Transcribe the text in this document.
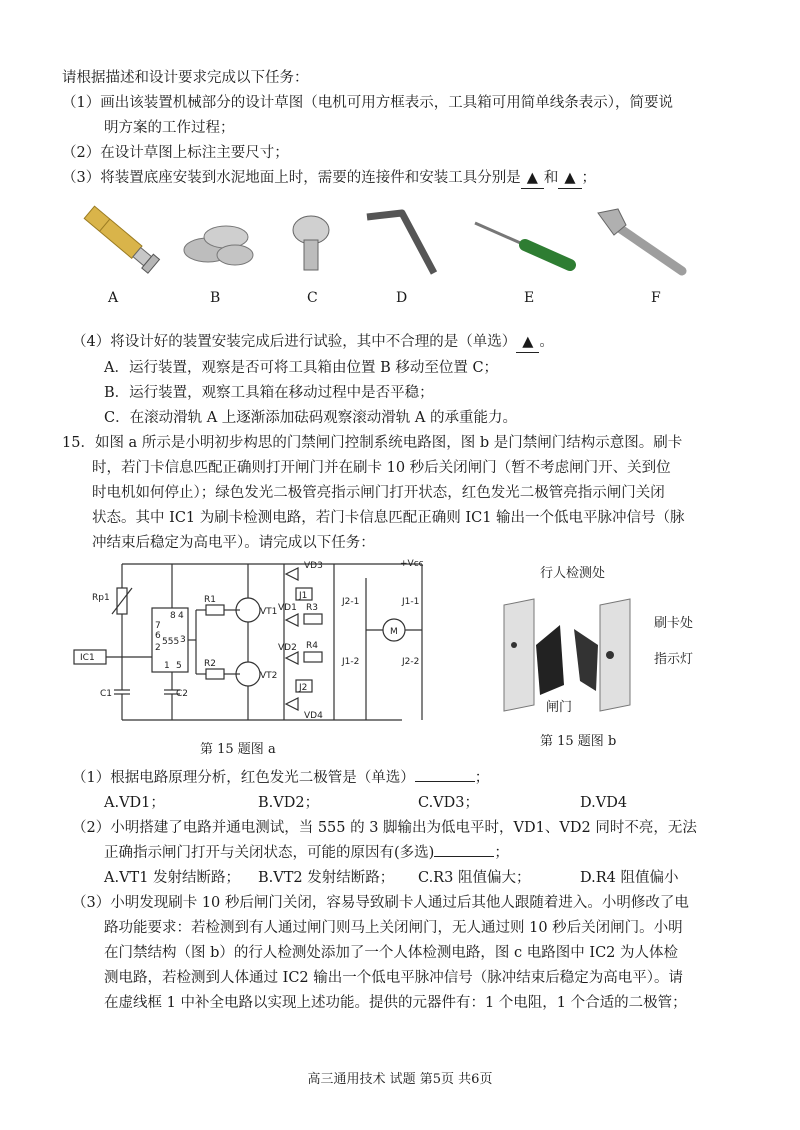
请根据描述和设计要求完成以下任务：
（1）画出该装置机械部分的设计草图（电机可用方框表示，工具箱可用简单线条表示），简要说
明方案的工作过程；
（2）在设计草图上标注主要尺寸；
（3）将装置底座安装到水泥地面上时，需要的连接件和安装工具分别是 ▲ 和 ▲ ；
A	B	C	D	E	F
（4）将设计好的装置安装完成后进行试验，其中不合理的是（单选） ▲ 。
A．运行装置，观察是否可将工具箱由位置 B 移动至位置 C；
B．运行装置，观察工具箱在移动过程中是否平稳；
C．在滚动滑轨 A 上逐渐添加砝码观察滚动滑轨 A 的承重能力。
15．如图 a 所示是小明初步构思的门禁闸门控制系统电路图，图 b 是门禁闸门结构示意图。刷卡
时，若门卡信息匹配正确则打开闸门并在刷卡 10 秒后关闭闸门（暂不考虑闸门开、关到位
时电机如何停止）；绿色发光二极管亮指示闸门打开状态，红色发光二极管亮指示闸门关闭
状态。其中 IC1 为刷卡检测电路，若门卡信息匹配正确则 IC1 输出一个低电平脉冲信号（脉
冲结束后稳定为高电平）。请完成以下任务：
+Vcc
Rp1
IC1
555
7
6
2
8 4
3
1 5
C1	C2
R1
R2
VT1
VT2
VD3
J1
VD1 R3
VD2 R4
J2
VD4
J2-1	J1-1
M
J1-2	J2-2
第 15 题图 a
行人检测处
刷卡处
指示灯
闸门
第 15 题图 b
（1）根据电路原理分析，红色发光二极管是（单选）	；
A.VD1；	B.VD2；	C.VD3；	D.VD4
（2）小明搭建了电路并通电测试，当 555 的 3 脚输出为低电平时，VD1、VD2 同时不亮，无法
正确指示闸门打开与关闭状态，可能的原因有(多选)	；
A.VT1 发射结断路； B.VT2 发射结断路； C.R3 阻值偏大；	D.R4 阻值偏小
（3）小明发现刷卡 10 秒后闸门关闭，容易导致刷卡人通过后其他人跟随着进入。小明修改了电
路功能要求：若检测到有人通过闸门则马上关闭闸门，无人通过则 10 秒后关闭闸门。小明
在门禁结构（图 b）的行人检测处添加了一个人体检测电路，图 c 电路图中 IC2 为人体检
测电路，若检测到人体通过 IC2 输出一个低电平脉冲信号（脉冲结束后稳定为高电平）。请
在虚线框 1 中补全电路以实现上述功能。提供的元器件有：1 个电阻，1 个合适的二极管；
高三通用技术 试题 第5页 共6页
